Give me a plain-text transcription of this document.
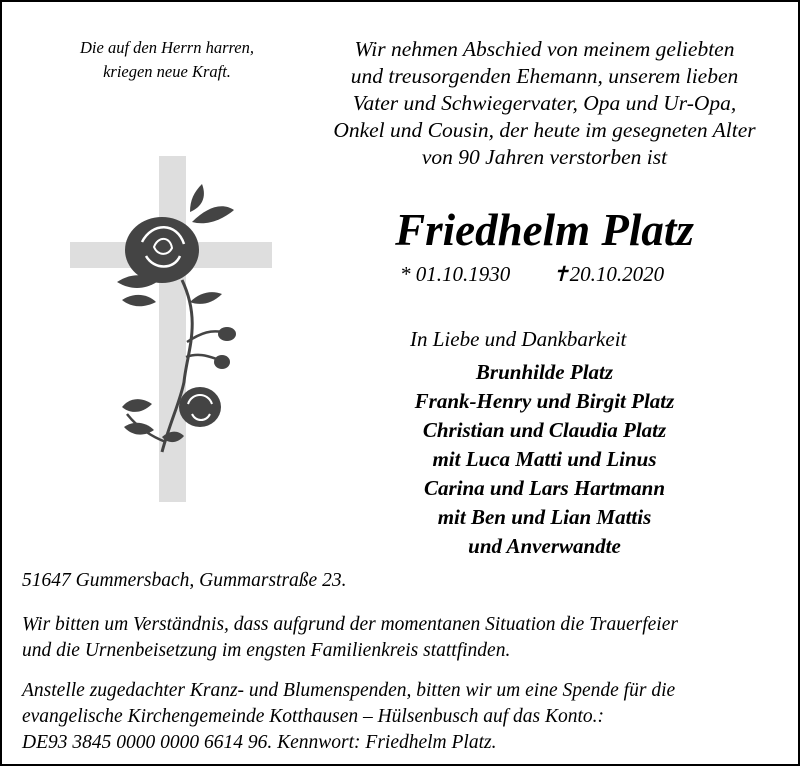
Die auf den Herrn harren,
kriegen neue Kraft.
Wir nehmen Abschied von meinem geliebten
und treusorgenden Ehemann, unserem lieben
Vater und Schwiegervater, Opa und Ur-Opa,
Onkel und Cousin, der heute im gesegneten Alter
von 90 Jahren verstorben ist
Friedhelm Platz
* 01.10.1930 ✝20.10.2020
In Liebe und Dankbarkeit
Brunhilde Platz
Frank-Henry und Birgit Platz
Christian und Claudia Platz
mit Luca Matti und Linus
Carina und Lars Hartmann
mit Ben und Lian Mattis
und Anverwandte
51647 Gummersbach, Gummarstraße 23.
Wir bitten um Verständnis, dass aufgrund der momentanen Situation die Trauerfeier
und die Urnenbeisetzung im engsten Familienkreis stattfinden.
Anstelle zugedachter Kranz- und Blumenspenden, bitten wir um eine Spende für die
evangelische Kirchengemeinde Kotthausen – Hülsenbusch auf das Konto.:
DE93 3845 0000 0000 6614 96. Kennwort: Friedhelm Platz.
